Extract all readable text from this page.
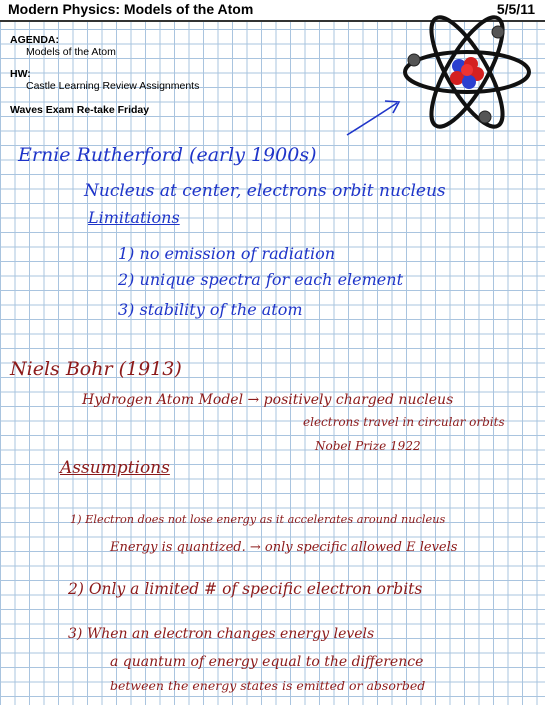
Modern Physics: Models of the Atom	5/5/11
AGENDA:
Models of the Atom
HW:
Castle Learning Review Assignments
Waves Exam Re-take Friday
Ernie Rutherford (early 1900s)
Nucleus at center, electrons orbit nucleus
Limitations
1) no emission of radiation
2) unique spectra for each element
3) stability of the atom
Niels Bohr (1913)
Hydrogen Atom Model → positively charged nucleus
electrons travel in circular orbits
Nobel Prize 1922
Assumptions
1) Electron does not lose energy as it accelerates around nucleus
Energy is quantized. → only specific allowed E levels
2) Only a limited # of specific electron orbits
3) When an electron changes energy levels
a quantum of energy equal to the difference
between the energy states is emitted or absorbed
